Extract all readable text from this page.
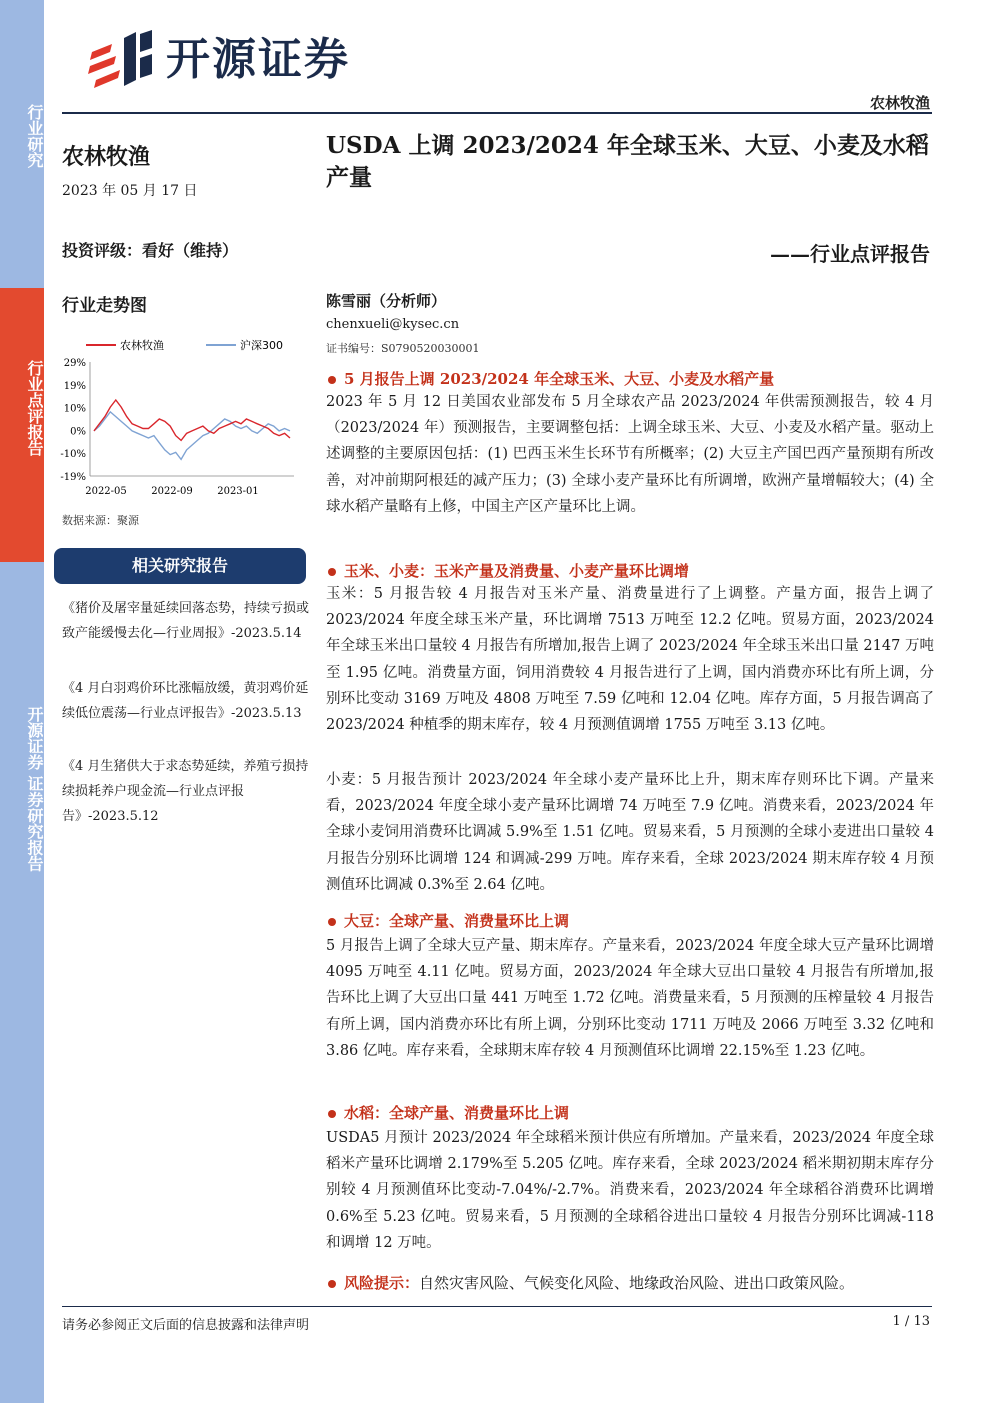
行业研究
行业点评报告
开源证券 证券研究报告
开源证券
农林牧渔
农林牧渔
2023 年 05 月 17 日
投资评级：看好（维持）
行业走势图
农林牧渔	沪深300
29%
19%
10%
0%
-10%
-19%
2022-05 2022-09 2023-01
数据来源：聚源
相关研究报告
《猪价及屠宰量延续回落态势，持续亏损或致产能缓慢去化—行业周报》-2023.5.14
《4 月白羽鸡价环比涨幅放缓，黄羽鸡价延续低位震荡—行业点评报告》-2023.5.13
《4 月生猪供大于求态势延续，养殖亏损持续损耗养户现金流—行业点评报告》-2023.5.12
USDA 上调 2023/2024 年全球玉米、大豆、小麦及水稻产量
——行业点评报告
陈雪丽（分析师）
chenxueli@kysec.cn
证书编号：S0790520030001
5 月报告上调 2023/2024 年全球玉米、大豆、小麦及水稻产量
2023 年 5 月 12 日美国农业部发布 5 月全球农产品 2023/2024 年供需预测报告，较 4 月（2023/2024 年）预测报告，主要调整包括：上调全球玉米、大豆、小麦及水稻产量。驱动上述调整的主要原因包括：(1) 巴西玉米生长环节有所概率；(2) 大豆主产国巴西产量预期有所改善，对冲前期阿根廷的减产压力；(3) 全球小麦产量环比有所调增，欧洲产量增幅较大；(4) 全球水稻产量略有上修，中国主产区产量环比上调。
玉米、小麦：玉米产量及消费量、小麦产量环比调增
玉米：5 月报告较 4 月报告对玉米产量、消费量进行了上调整。产量方面，报告上调了 2023/2024 年度全球玉米产量，环比调增 7513 万吨至 12.2 亿吨。贸易方面，2023/2024 年全球玉米出口量较 4 月报告有所增加,报告上调了 2023/2024 年全球玉米出口量 2147 万吨至 1.95 亿吨。消费量方面，饲用消费较 4 月报告进行了上调，国内消费亦环比有所上调，分别环比变动 3169 万吨及 4808 万吨至 7.59 亿吨和 12.04 亿吨。库存方面，5 月报告调高了 2023/2024 种植季的期末库存，较 4 月预测值调增 1755 万吨至 3.13 亿吨。
小麦：5 月报告预计 2023/2024 年全球小麦产量环比上升，期末库存则环比下调。产量来看，2023/2024 年度全球小麦产量环比调增 74 万吨至 7.9 亿吨。消费来看，2023/2024 年全球小麦饲用消费环比调减 5.9%至 1.51 亿吨。贸易来看，5 月预测的全球小麦进出口量较 4 月报告分别环比调增 124 和调减-299 万吨。库存来看，全球 2023/2024 期末库存较 4 月预测值环比调减 0.3%至 2.64 亿吨。
大豆：全球产量、消费量环比上调
5 月报告上调了全球大豆产量、期末库存。产量来看，2023/2024 年度全球大豆产量环比调增 4095 万吨至 4.11 亿吨。贸易方面，2023/2024 年全球大豆出口量较 4 月报告有所增加,报告环比上调了大豆出口量 441 万吨至 1.72 亿吨。消费量来看，5 月预测的压榨量较 4 月报告有所上调，国内消费亦环比有所上调，分别环比变动 1711 万吨及 2066 万吨至 3.32 亿吨和 3.86 亿吨。库存来看，全球期末库存较 4 月预测值环比调增 22.15%至 1.23 亿吨。
水稻：全球产量、消费量环比上调
USDA5 月预计 2023/2024 年全球稻米预计供应有所增加。产量来看，2023/2024 年度全球稻米产量环比调增 2.179%至 5.205 亿吨。库存来看，全球 2023/2024 稻米期初期末库存分别较 4 月预测值环比变动-7.04%/-2.7%。消费来看，2023/2024 年全球稻谷消费环比调增 0.6%至 5.23 亿吨。贸易来看，5 月预测的全球稻谷进出口量较 4 月报告分别环比调减-118 和调增 12 万吨。
风险提示：自然灾害风险、气候变化风险、地缘政治风险、进出口政策风险。
请务必参阅正文后面的信息披露和法律声明	1 / 13
